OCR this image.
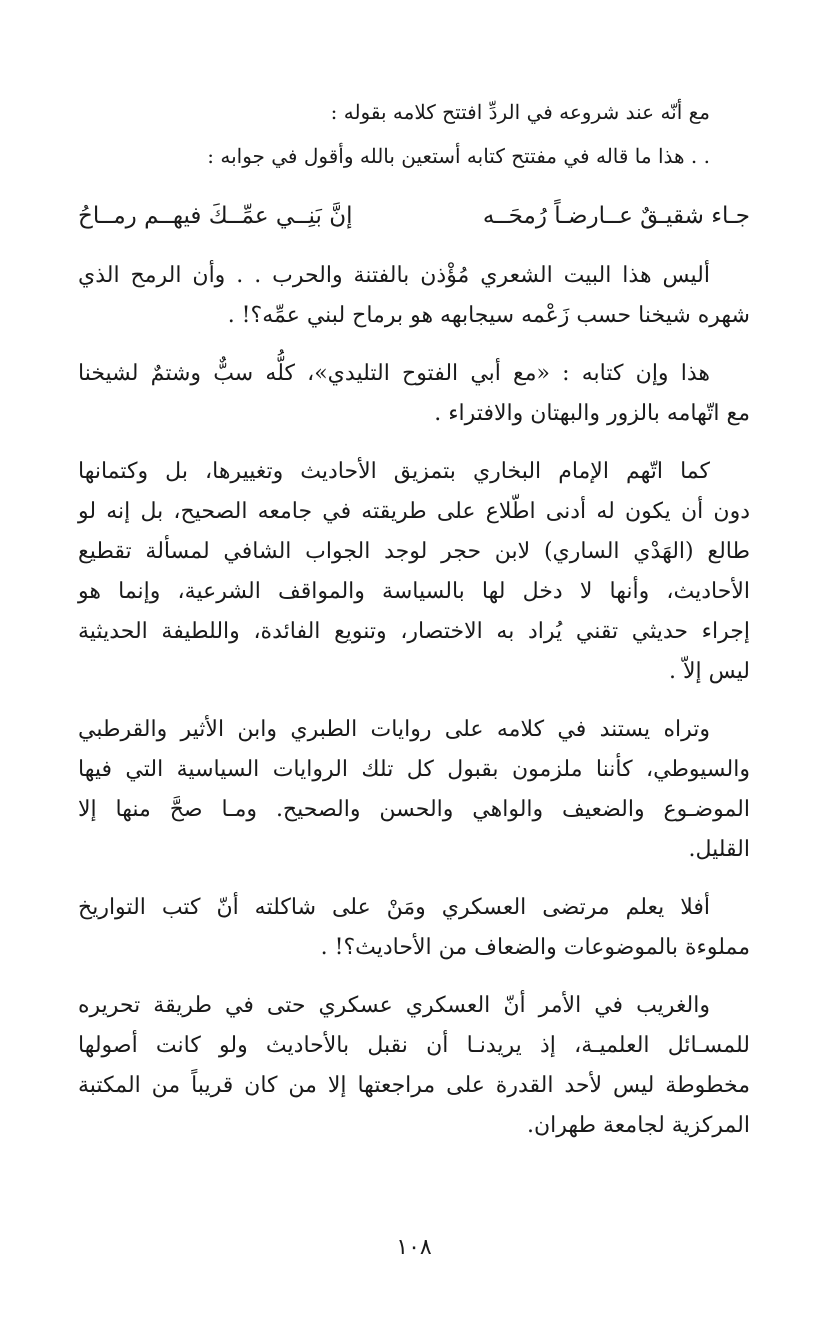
مع أنّه عند شروعه في الردِّ افتتح كلامه بقوله :
. . هذا ما قاله في مفتتح كتابه أستعين بالله وأقول في جوابه :
جـاء شقيـقٌ عــارضـاً رُمحَــه
إنَّ بَنِــي عمِّــكَ فيهــم رمــاحُ
أليس هذا البيت الشعري مُؤْذن بالفتنة والحرب . . وأن الرمح الذي
شهره شيخنا حسب زَعْمه سيجابهه هو برماح لبني عمِّه؟! .
هذا وإن كتابه : «مع أبي الفتوح التليدي»، كلُّه سبٌّ وشتمٌ لشيخنا
مع اتّهامه بالزور والبهتان والافتراء .
كما اتّهم الإمام البخاري بتمزيق الأحاديث وتغييرها، بل وكتمانها
دون أن يكون له أدنى اطّلاع على طريقته في جامعه الصحيح، بل إنه لو
طالع (الهَدْي الساري) لابن حجر لوجد الجواب الشافي لمسألة تقطيع
الأحاديث، وأنها لا دخل لها بالسياسة والمواقف الشرعية، وإنما هو
إجراء حديثي تقني يُراد به الاختصار، وتنويع الفائدة، واللطيفة الحديثية
ليس إلاّ .
وتراه يستند في كلامه على روايات الطبري وابن الأثير والقرطبي
والسيوطي، كأننا ملزمون بقبول كل تلك الروايات السياسية التي فيها
الموضـوع والضعيف والواهي والحسن والصحيح. ومـا صحَّ منها إلا
القليل.
أفلا يعلم مرتضى العسكري ومَنْ على شاكلته أنّ كتب التواريخ
مملوءة بالموضوعات والضعاف من الأحاديث؟! .
والغريب في الأمر أنّ العسكري عسكري حتى في طريقة تحريره
للمسـائل العلميـة، إذ يريدنـا أن نقبل بالأحاديث ولو كانت أصولها
مخطوطة ليس لأحد القدرة على مراجعتها إلا من كان قريباً من المكتبة
المركزية لجامعة طهران.
١٠٨
